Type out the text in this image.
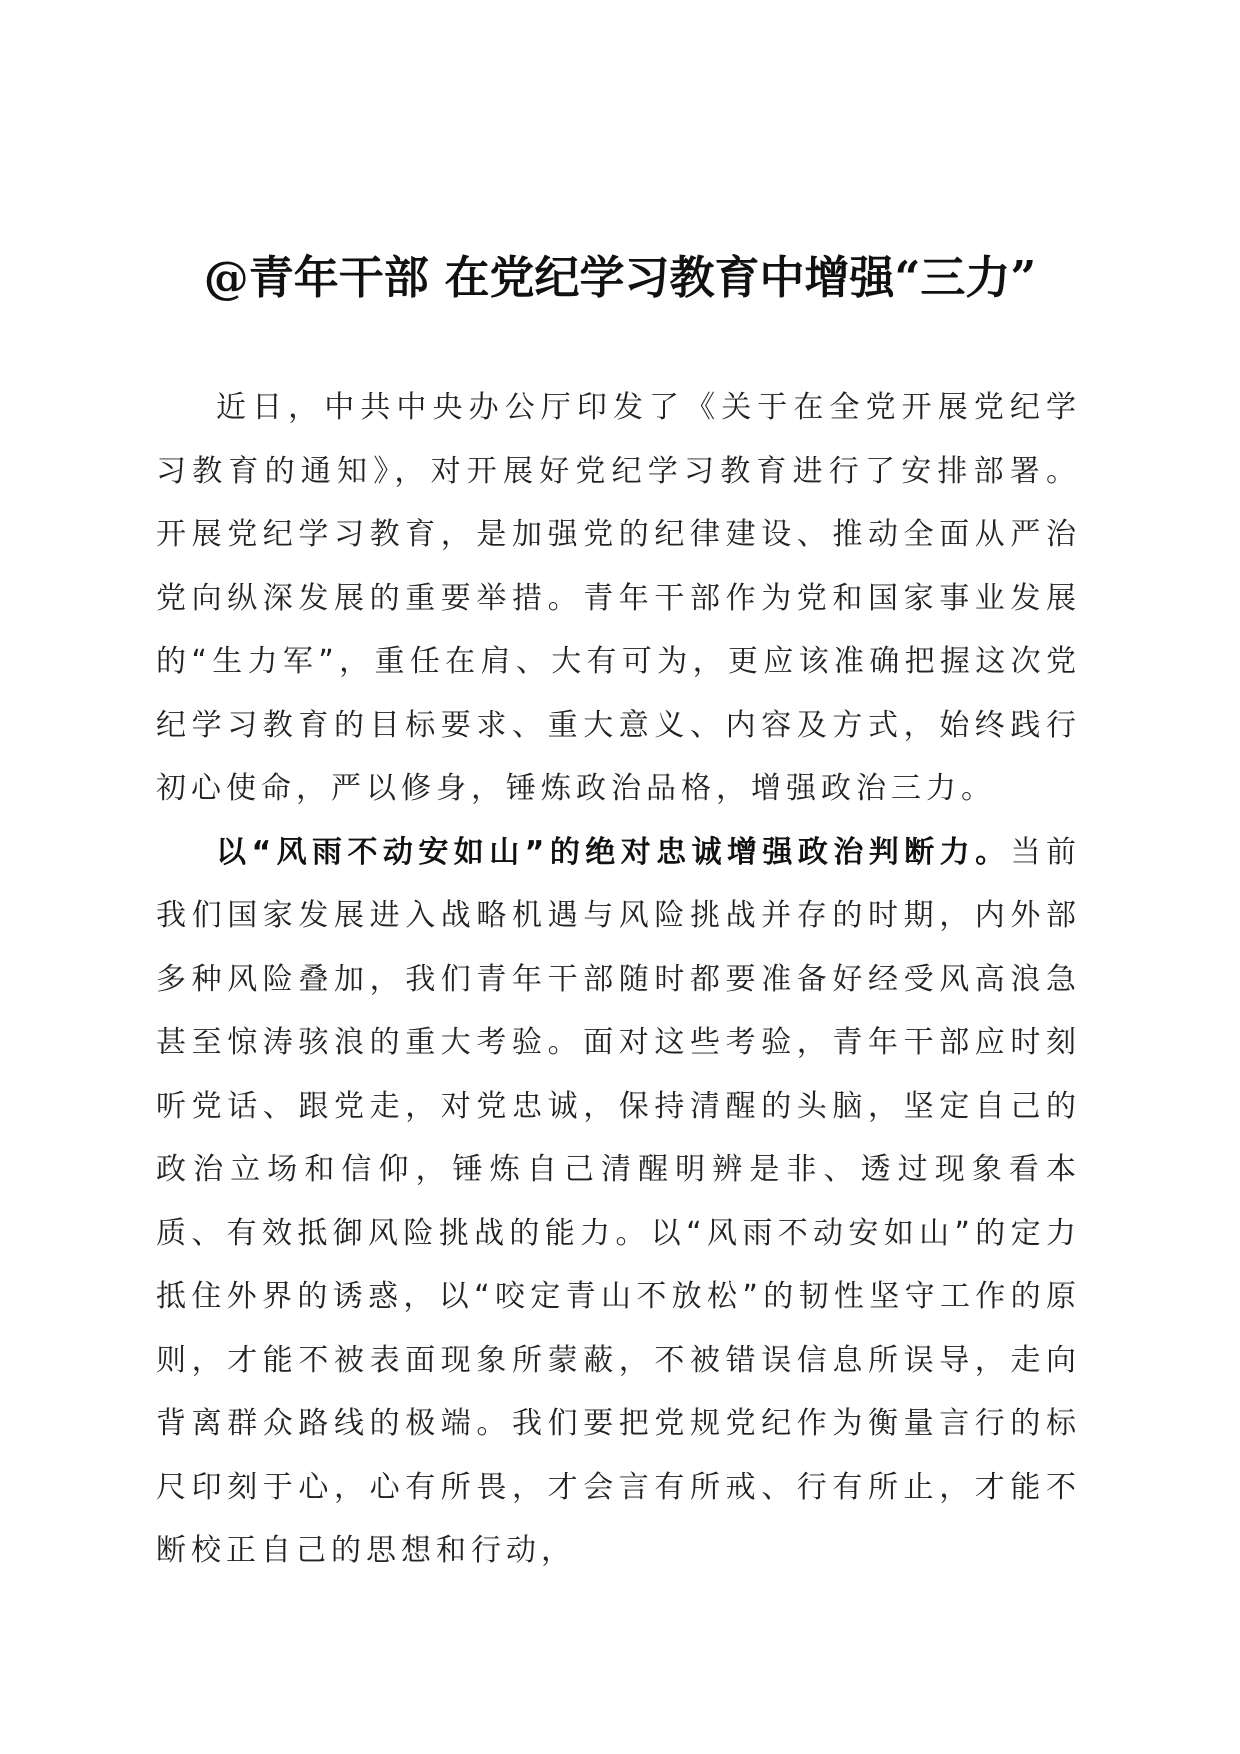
@青年干部 在党纪学习教育中增强“三力”

近日，中共中央办公厅印发了《关于在全党开展党纪学习教育的通知》，对开展好党纪学习教育进行了安排部署。开展党纪学习教育，是加强党的纪律建设、推动全面从严治党向纵深发展的重要举措。青年干部作为党和国家事业发展的“生力军”，重任在肩、大有可为，更应该准确把握这次党纪学习教育的目标要求、重大意义、内容及方式，始终践行初心使命，严以修身，锤炼政治品格，增强政治三力。

以“风雨不动安如山”的绝对忠诚增强政治判断力。当前我们国家发展进入战略机遇与风险挑战并存的时期，内外部多种风险叠加，我们青年干部随时都要准备好经受风高浪急甚至惊涛骇浪的重大考验。面对这些考验，青年干部应时刻听党话、跟党走，对党忠诚，保持清醒的头脑，坚定自己的政治立场和信仰，锤炼自己清醒明辨是非、透过现象看本质、有效抵御风险挑战的能力。以“风雨不动安如山”的定力抵住外界的诱惑，以“咬定青山不放松”的韧性坚守工作的原则，才能不被表面现象所蒙蔽，不被错误信息所误导，走向背离群众路线的极端。我们要把党规党纪作为衡量言行的标尺印刻于心，心有所畏，才会言有所戒、行有所止，才能不断校正自己的思想和行动，
